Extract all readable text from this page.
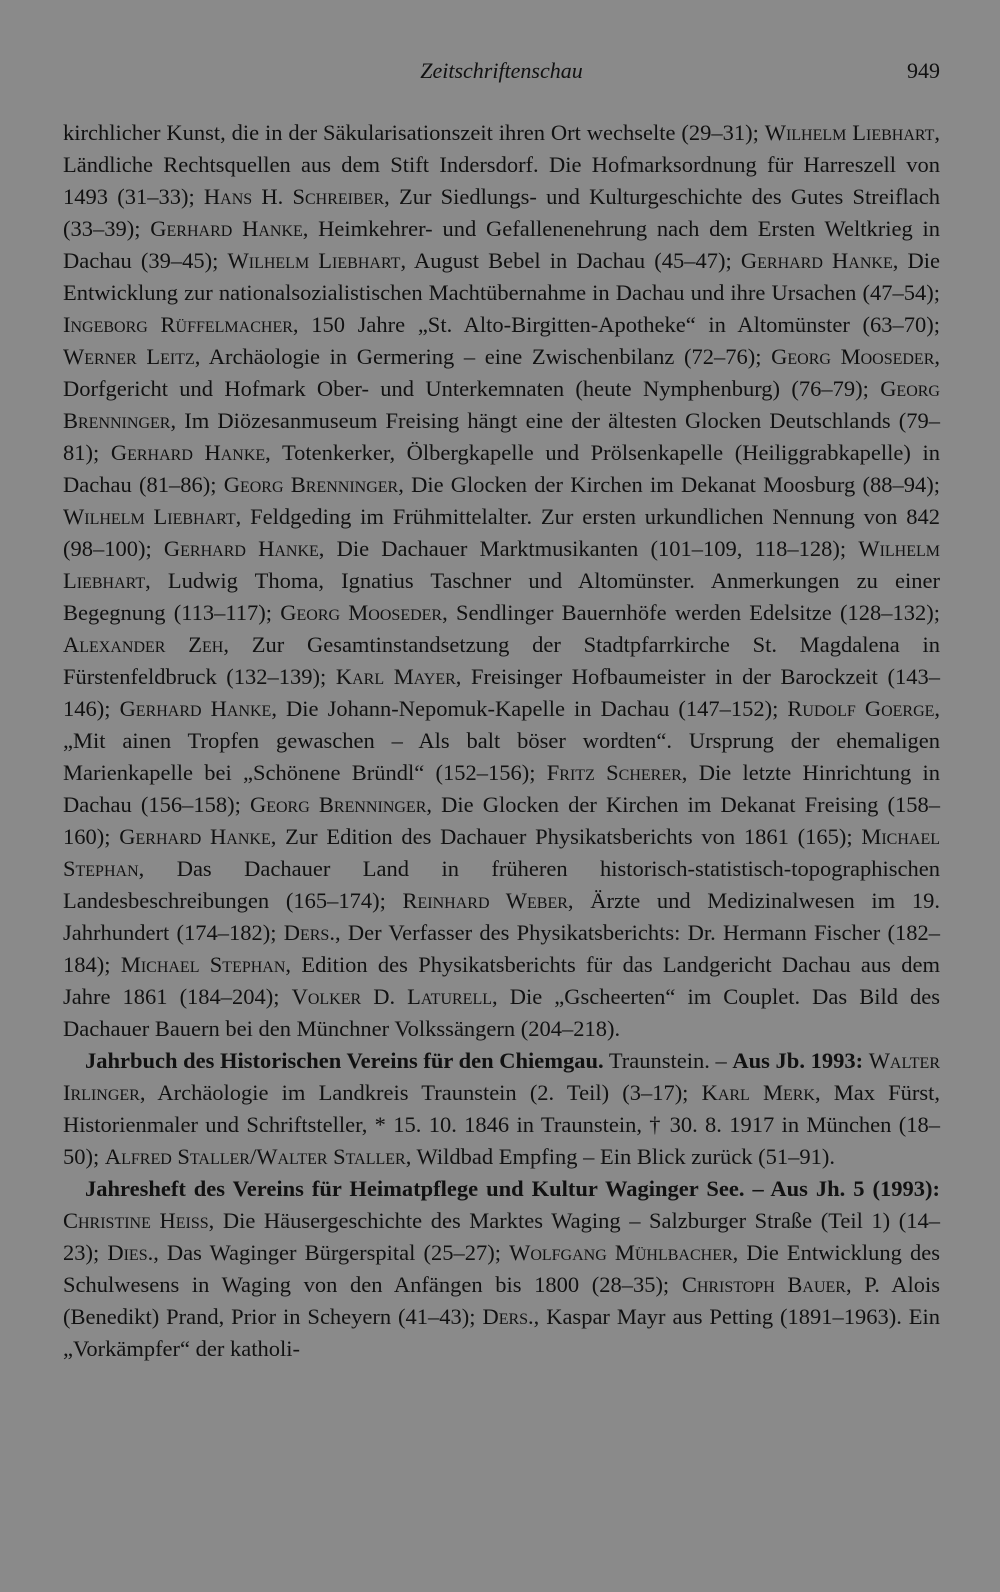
Zeitschriftenschau	949

kirchlicher Kunst, die in der Säkularisationszeit ihren Ort wechselte (29–31); Wilhelm Liebhart, Ländliche Rechtsquellen aus dem Stift Indersdorf. Die Hofmarksordnung für Harreszell von 1493 (31–33); Hans H. Schreiber, Zur Siedlungs- und Kulturgeschichte des Gutes Streiflach (33–39); Gerhard Hanke, Heimkehrer- und Gefallenenehrung nach dem Ersten Weltkrieg in Dachau (39–45); Wilhelm Liebhart, August Bebel in Dachau (45–47); Gerhard Hanke, Die Entwicklung zur nationalsozialistischen Machtübernahme in Dachau und ihre Ursachen (47–54); Ingeborg Rüffelmacher, 150 Jahre „St. Alto-Birgitten-Apotheke“ in Altomünster (63–70); Werner Leitz, Archäologie in Germering – eine Zwischenbilanz (72–76); Georg Mooseder, Dorfgericht und Hofmark Ober- und Unterkemnaten (heute Nymphenburg) (76–79); Georg Brenninger, Im Diözesanmuseum Freising hängt eine der ältesten Glocken Deutschlands (79–81); Gerhard Hanke, Totenkerker, Ölbergkapelle und Prölsenkapelle (Heiliggrabkapelle) in Dachau (81–86); Georg Brenninger, Die Glocken der Kirchen im Dekanat Moosburg (88–94); Wilhelm Liebhart, Feldgeding im Frühmittelalter. Zur ersten urkundlichen Nennung von 842 (98–100); Gerhard Hanke, Die Dachauer Marktmusikanten (101–109, 118–128); Wilhelm Liebhart, Ludwig Thoma, Ignatius Taschner und Altomünster. Anmerkungen zu einer Begegnung (113–117); Georg Mooseder, Sendlinger Bauernhöfe werden Edelsitze (128–132); Alexander Zeh, Zur Gesamtinstandsetzung der Stadtpfarrkirche St. Magdalena in Fürstenfeldbruck (132–139); Karl Mayer, Freisinger Hofbaumeister in der Barockzeit (143–146); Gerhard Hanke, Die Johann-Nepomuk-Kapelle in Dachau (147–152); Rudolf Goerge, „Mit ainen Tropfen gewaschen – Als balt böser wordten“. Ursprung der ehemaligen Marienkapelle bei „Schönene Bründl“ (152–156); Fritz Scherer, Die letzte Hinrichtung in Dachau (156–158); Georg Brenninger, Die Glocken der Kirchen im Dekanat Freising (158–160); Gerhard Hanke, Zur Edition des Dachauer Physikatsberichts von 1861 (165); Michael Stephan, Das Dachauer Land in früheren historisch-statistisch-topographischen Landesbeschreibungen (165–174); Reinhard Weber, Ärzte und Medizinalwesen im 19. Jahrhundert (174–182); Ders., Der Verfasser des Physikatsberichts: Dr. Hermann Fischer (182–184); Michael Stephan, Edition des Physikatsberichts für das Landgericht Dachau aus dem Jahre 1861 (184–204); Volker D. Laturell, Die „Gscheerten“ im Couplet. Das Bild des Dachauer Bauern bei den Münchner Volkssängern (204–218).

Jahrbuch des Historischen Vereins für den Chiemgau. Traunstein. – Aus Jb. 1993: Walter Irlinger, Archäologie im Landkreis Traunstein (2. Teil) (3–17); Karl Merk, Max Fürst, Historienmaler und Schriftsteller, * 15. 10. 1846 in Traunstein, † 30. 8. 1917 in München (18–50); Alfred Staller/Walter Staller, Wildbad Empfing – Ein Blick zurück (51–91).

Jahresheft des Vereins für Heimatpflege und Kultur Waginger See. – Aus Jh. 5 (1993): Christine Heiss, Die Häusergeschichte des Marktes Waging – Salzburger Straße (Teil 1) (14–23); Dies., Das Waginger Bürgerspital (25–27); Wolfgang Mühlbacher, Die Entwicklung des Schulwesens in Waging von den Anfängen bis 1800 (28–35); Christoph Bauer, P. Alois (Benedikt) Prand, Prior in Scheyern (41–43); Ders., Kaspar Mayr aus Petting (1891–1963). Ein „Vorkämpfer“ der katholi-
